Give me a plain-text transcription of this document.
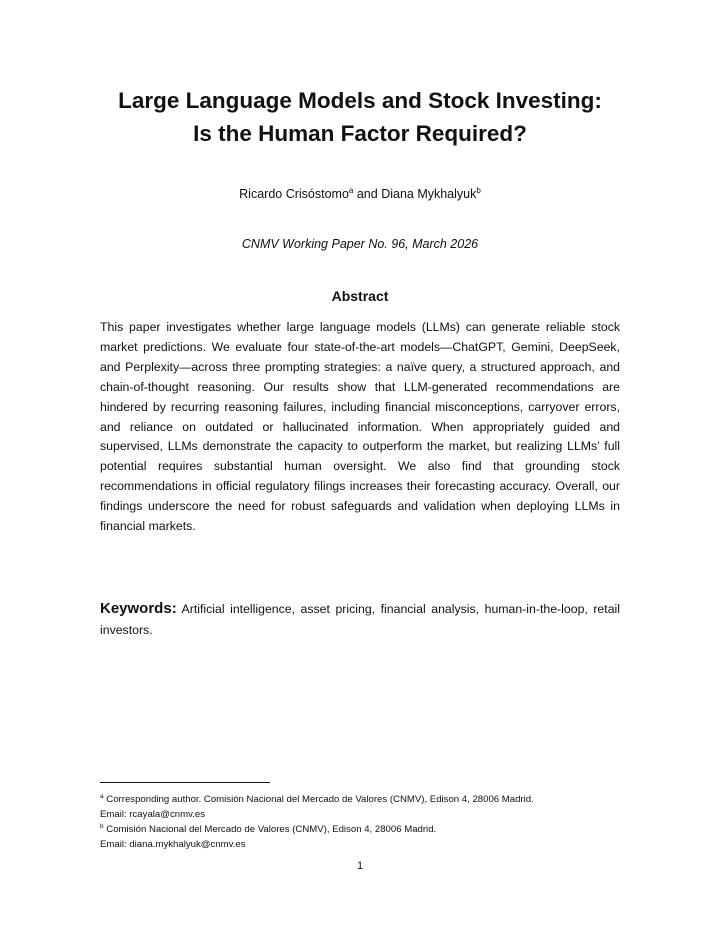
Large Language Models and Stock Investing:
Is the Human Factor Required?
Ricardo Crisóstomo$^a$ and Diana Mykhalyuk$^b$
CNMV Working Paper No. 96, March 2026
Abstract
This paper investigates whether large language models (LLMs) can generate reliable stock market predictions. We evaluate four state-of-the-art models—ChatGPT, Gemini, DeepSeek, and Perplexity—across three prompting strategies: a naïve query, a structured approach, and chain-of-thought reasoning. Our results show that LLM-generated recommendations are hindered by recurring reasoning failures, including financial misconceptions, carryover errors, and reliance on outdated or hallucinated information. When appropriately guided and supervised, LLMs demonstrate the capacity to outperform the market, but realizing LLMs’ full potential requires substantial human oversight. We also find that grounding stock recommendations in official regulatory filings increases their forecasting accuracy. Overall, our findings underscore the need for robust safeguards and validation when deploying LLMs in financial markets.
Keywords: Artificial intelligence, asset pricing, financial analysis, human-in-the-loop, retail investors.
$^a$ Corresponding author. Comisión Nacional del Mercado de Valores (CNMV), Edison 4, 28006 Madrid.
Email: rcayala@cnmv.es
$^b$ Comisión Nacional del Mercado de Valores (CNMV), Edison 4, 28006 Madrid.
Email: diana.mykhalyuk@cnmv.es
1
